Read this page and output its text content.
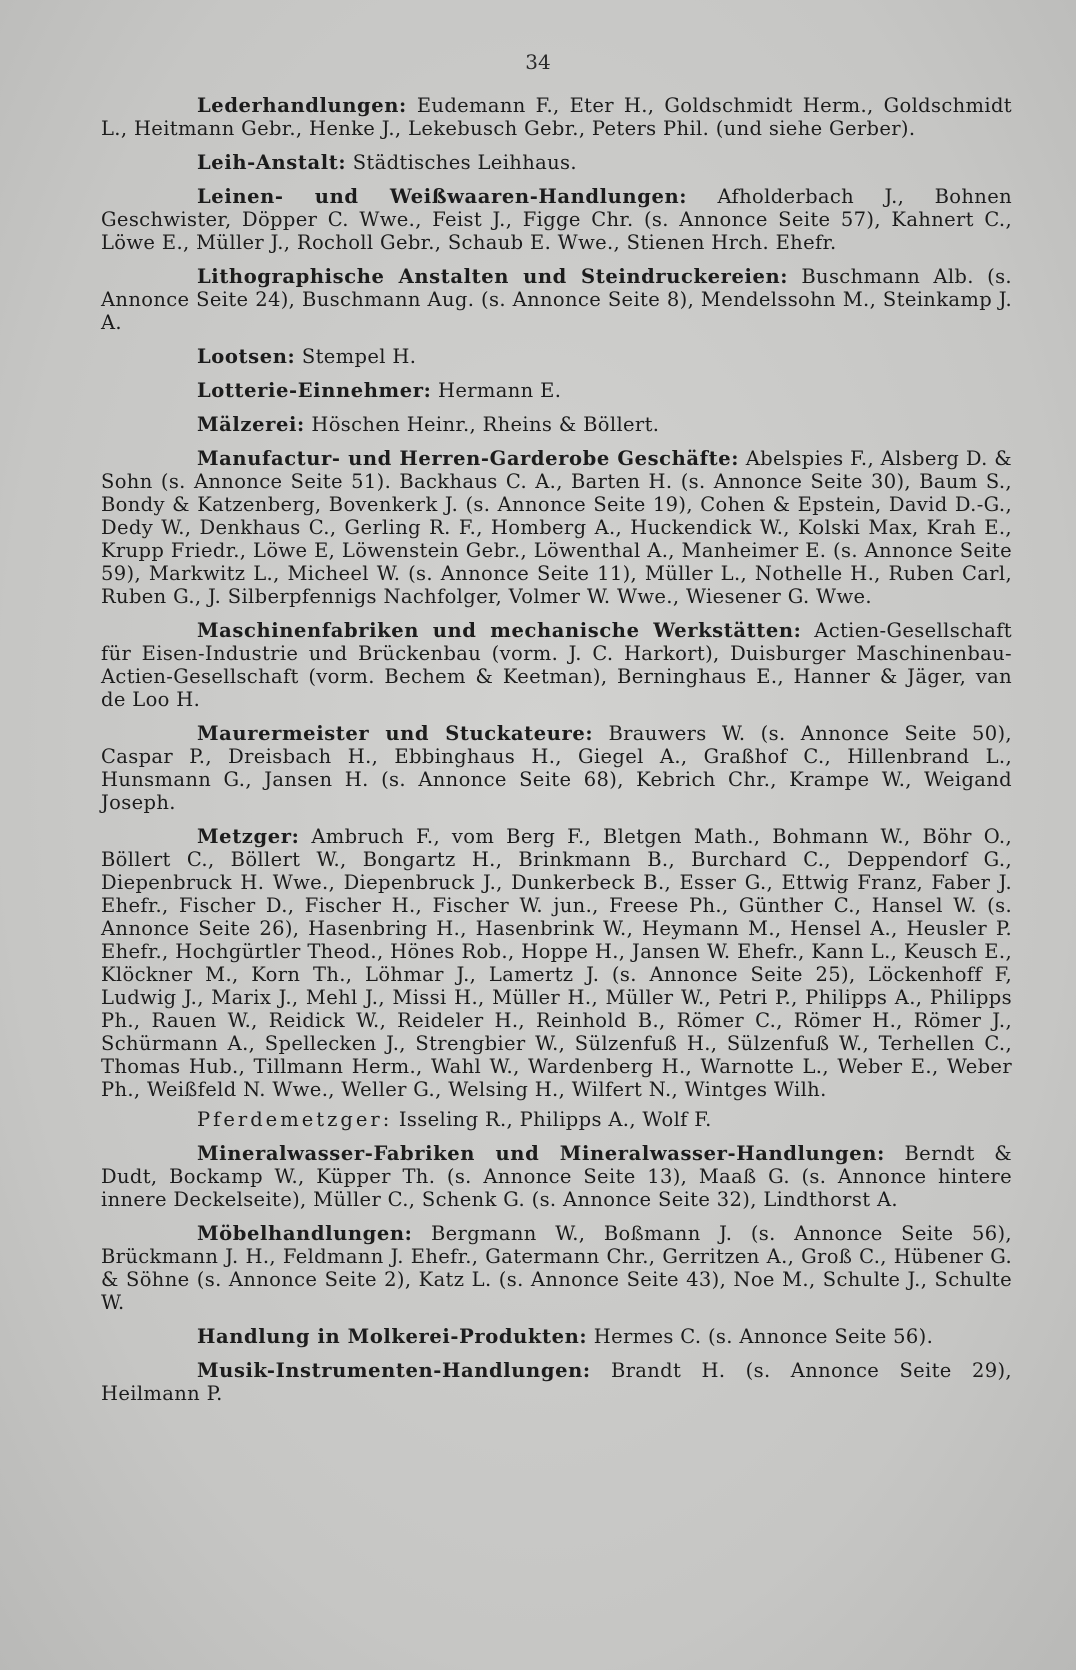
34

Lederhandlungen: Eudemann F., Eter H., Goldschmidt Herm., Goldschmidt L., Heitmann Gebr., Henke J., Lekebusch Gebr., Peters Phil. (und siehe Gerber).

Leih-Anstalt: Städtisches Leihhaus.

Leinen- und Weißwaaren-Handlungen: Afholderbach J., Bohnen Geschwister, Döpper C. Wwe., Feist J., Figge Chr. (s. Annonce Seite 57), Kahnert C., Löwe E., Müller J., Rocholl Gebr., Schaub E. Wwe., Stienen Hrch. Ehefr.

Lithographische Anstalten und Steindruckereien: Buschmann Alb. (s. Annonce Seite 24), Buschmann Aug. (s. Annonce Seite 8), Mendelssohn M., Steinkamp J. A.

Lootsen: Stempel H.

Lotterie-Einnehmer: Hermann E.

Mälzerei: Höschen Heinr., Rheins & Böllert.

Manufactur- und Herren-Garderobe Geschäfte: Abelspies F., Alsberg D. & Sohn (s. Annonce Seite 51). Backhaus C. A., Barten H. (s. Annonce Seite 30), Baum S., Bondy & Katzenberg, Bovenkerk J. (s. Annonce Seite 19), Cohen & Epstein, David D.-G., Dedy W., Denkhaus C., Gerling R. F., Homberg A., Huckendick W., Kolski Max, Krah E., Krupp Friedr., Löwe E, Löwenstein Gebr., Löwenthal A., Manheimer E. (s. Annonce Seite 59), Markwitz L., Micheel W. (s. Annonce Seite 11), Müller L., Nothelle H., Ruben Carl, Ruben G., J. Silberpfennigs Nachfolger, Volmer W. Wwe., Wiesener G. Wwe.

Maschinenfabriken und mechanische Werkstätten: Actien-Gesellschaft für Eisen-Industrie und Brückenbau (vorm. J. C. Harkort), Duisburger Maschinenbau-Actien-Gesellschaft (vorm. Bechem & Keetman), Berninghaus E., Hanner & Jäger, van de Loo H.

Maurermeister und Stuckateure: Brauwers W. (s. Annonce Seite 50), Caspar P., Dreisbach H., Ebbinghaus H., Giegel A., Graßhof C., Hillenbrand L., Hunsmann G., Jansen H. (s. Annonce Seite 68), Kebrich Chr., Krampe W., Weigand Joseph.

Metzger: Ambruch F., vom Berg F., Bletgen Math., Bohmann W., Böhr O., Böllert C., Böllert W., Bongartz H., Brinkmann B., Burchard C., Deppendorf G., Diepenbruck H. Wwe., Diepenbruck J., Dunkerbeck B., Esser G., Ettwig Franz, Faber J. Ehefr., Fischer D., Fischer H., Fischer W. jun., Freese Ph., Günther C., Hansel W. (s. Annonce Seite 26), Hasenbring H., Hasenbrink W., Heymann M., Hensel A., Heusler P. Ehefr., Hochgürtler Theod., Hönes Rob., Hoppe H., Jansen W. Ehefr., Kann L., Keusch E., Klöckner M., Korn Th., Löhmar J., Lamertz J. (s. Annonce Seite 25), Löckenhoff F, Ludwig J., Marix J., Mehl J., Missi H., Müller H., Müller W., Petri P., Philipps A., Philipps Ph., Rauen W., Reidick W., Reideler H., Reinhold B., Römer C., Römer H., Römer J., Schürmann A., Spellecken J., Strengbier W., Sülzenfuß H., Sülzenfuß W., Terhellen C., Thomas Hub., Tillmann Herm., Wahl W., Wardenberg H., Warnotte L., Weber E., Weber Ph., Weißfeld N. Wwe., Weller G., Welsing H., Wilfert N., Wintges Wilh.

Pferdemetzger: Isseling R., Philipps A., Wolf F.

Mineralwasser-Fabriken und Mineralwasser-Handlungen: Berndt & Dudt, Bockamp W., Küpper Th. (s. Annonce Seite 13), Maaß G. (s. Annonce hintere innere Deckelseite), Müller C., Schenk G. (s. Annonce Seite 32), Lindthorst A.

Möbelhandlungen: Bergmann W., Boßmann J. (s. Annonce Seite 56), Brückmann J. H., Feldmann J. Ehefr., Gatermann Chr., Gerritzen A., Groß C., Hübener G. & Söhne (s. Annonce Seite 2), Katz L. (s. Annonce Seite 43), Noe M., Schulte J., Schulte W.

Handlung in Molkerei-Produkten: Hermes C. (s. Annonce Seite 56).

Musik-Instrumenten-Handlungen: Brandt H. (s. Annonce Seite 29), Heilmann P.
